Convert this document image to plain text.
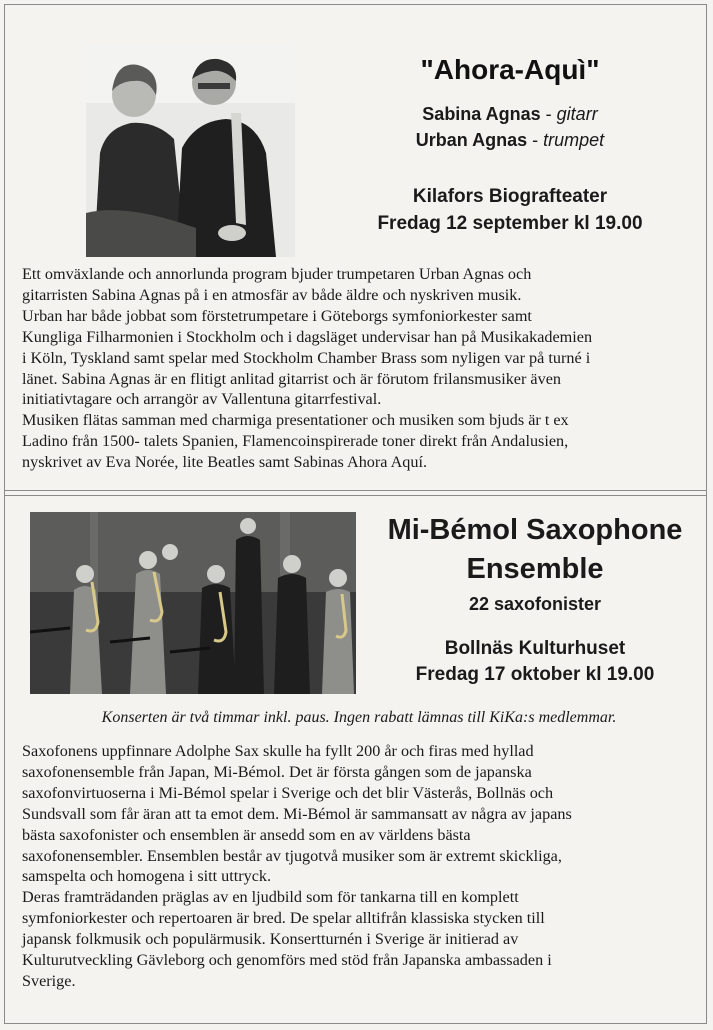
"Ahora-Aquì"
Sabina Agnas - gitarr
Urban Agnas - trumpet
Kilafors Biografteater
Fredag 12 september kl 19.00
Ett omväxlande och annorlunda program bjuder trumpetaren Urban Agnas och
gitarristen Sabina Agnas på i en atmosfär av både äldre och nyskriven musik.
Urban har både jobbat som förstetrumpetare i Göteborgs symfoniorkester samt
Kungliga Filharmonien i Stockholm och i dagsläget undervisar han på Musikakademien
i Köln, Tyskland samt spelar med Stockholm Chamber Brass som nyligen var på turné i
länet. Sabina Agnas är en flitigt anlitad gitarrist och är förutom frilansmusiker även
initiativtagare och arrangör av Vallentuna gitarrfestival.
Musiken flätas samman med charmiga presentationer och musiken som bjuds är t ex
Ladino från 1500- talets Spanien, Flamencoinspirerade toner direkt från Andalusien,
nyskrivet av Eva Norée, lite Beatles samt Sabinas Ahora Aquí.
Mi-Bémol Saxophone
Ensemble
22 saxofonister
Bollnäs Kulturhuset
Fredag 17 oktober kl 19.00
Konserten är två timmar inkl. paus. Ingen rabatt lämnas till KiKa:s medlemmar.
Saxofonens uppfinnare Adolphe Sax skulle ha fyllt 200 år och firas med hyllad
saxofonensemble från Japan, Mi-Bémol. Det är första gången som de japanska
saxofonvirtuoserna i Mi-Bémol spelar i Sverige och det blir Västerås, Bollnäs och
Sundsvall som får äran att ta emot dem. Mi-Bémol är sammansatt av några av japans
bästa saxofonister och ensemblen är ansedd som en av världens bästa
saxofonensembler. Ensemblen består av tjugotvå musiker som är extremt skickliga,
samspelta och homogena i sitt uttryck.
Deras framträdanden präglas av en ljudbild som för tankarna till en komplett
symfoniorkester och repertoaren är bred. De spelar alltifrån klassiska stycken till
japansk folkmusik och populärmusik. Konsertturnén i Sverige är initierad av
Kulturutveckling Gävleborg och genomförs med stöd från Japanska ambassaden i
Sverige.
